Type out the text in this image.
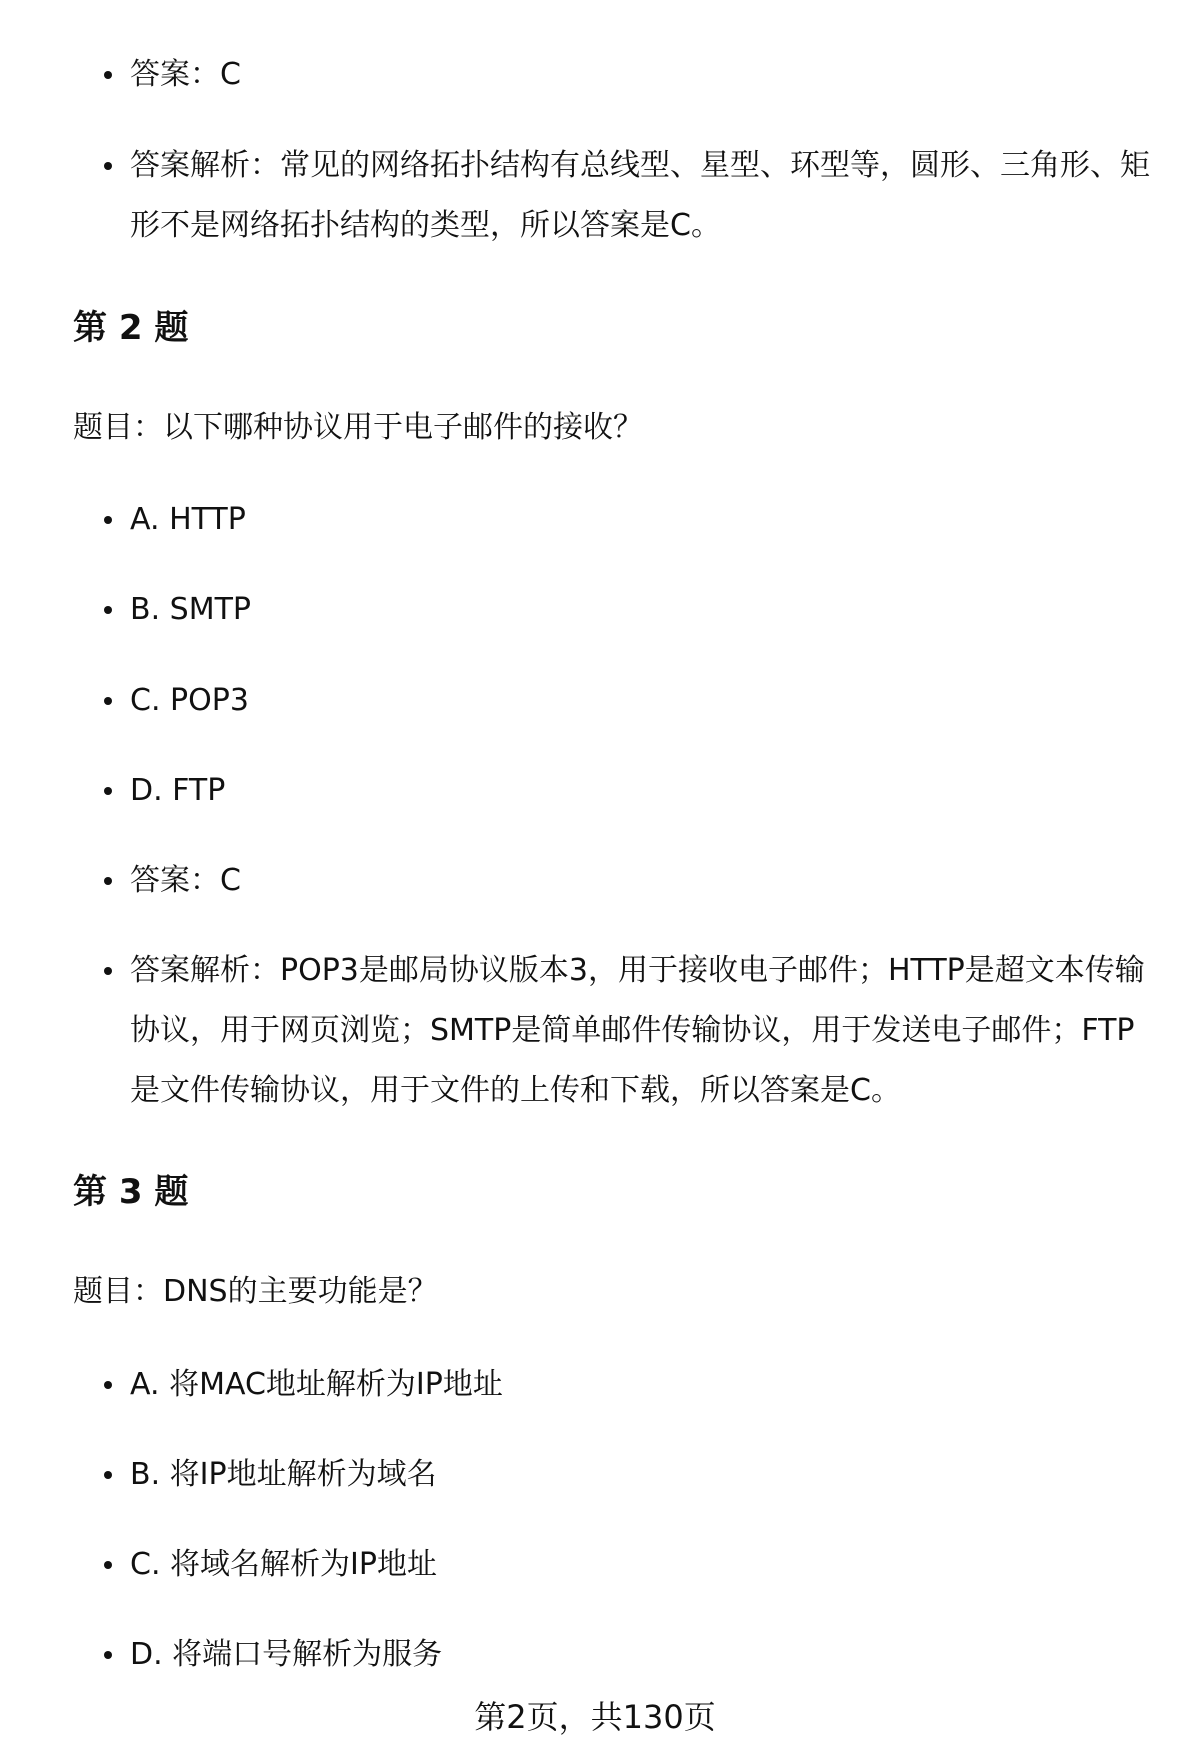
答案：C
答案解析：常见的网络拓扑结构有总线型、星型、环型等，圆形、三角形、矩形不是网络拓扑结构的类型，所以答案是C。
第 2 题
题目：以下哪种协议用于电子邮件的接收？
A. HTTP
B. SMTP
C. POP3
D. FTP
答案：C
答案解析：POP3是邮局协议版本3，用于接收电子邮件；HTTP是超文本传输协议，用于网页浏览；SMTP是简单邮件传输协议，用于发送电子邮件；FTP是文件传输协议，用于文件的上传和下载，所以答案是C。
第 3 题
题目：DNS的主要功能是？
A. 将MAC地址解析为IP地址
B. 将IP地址解析为域名
C. 将域名解析为IP地址
D. 将端口号解析为服务
第2页，共130页
